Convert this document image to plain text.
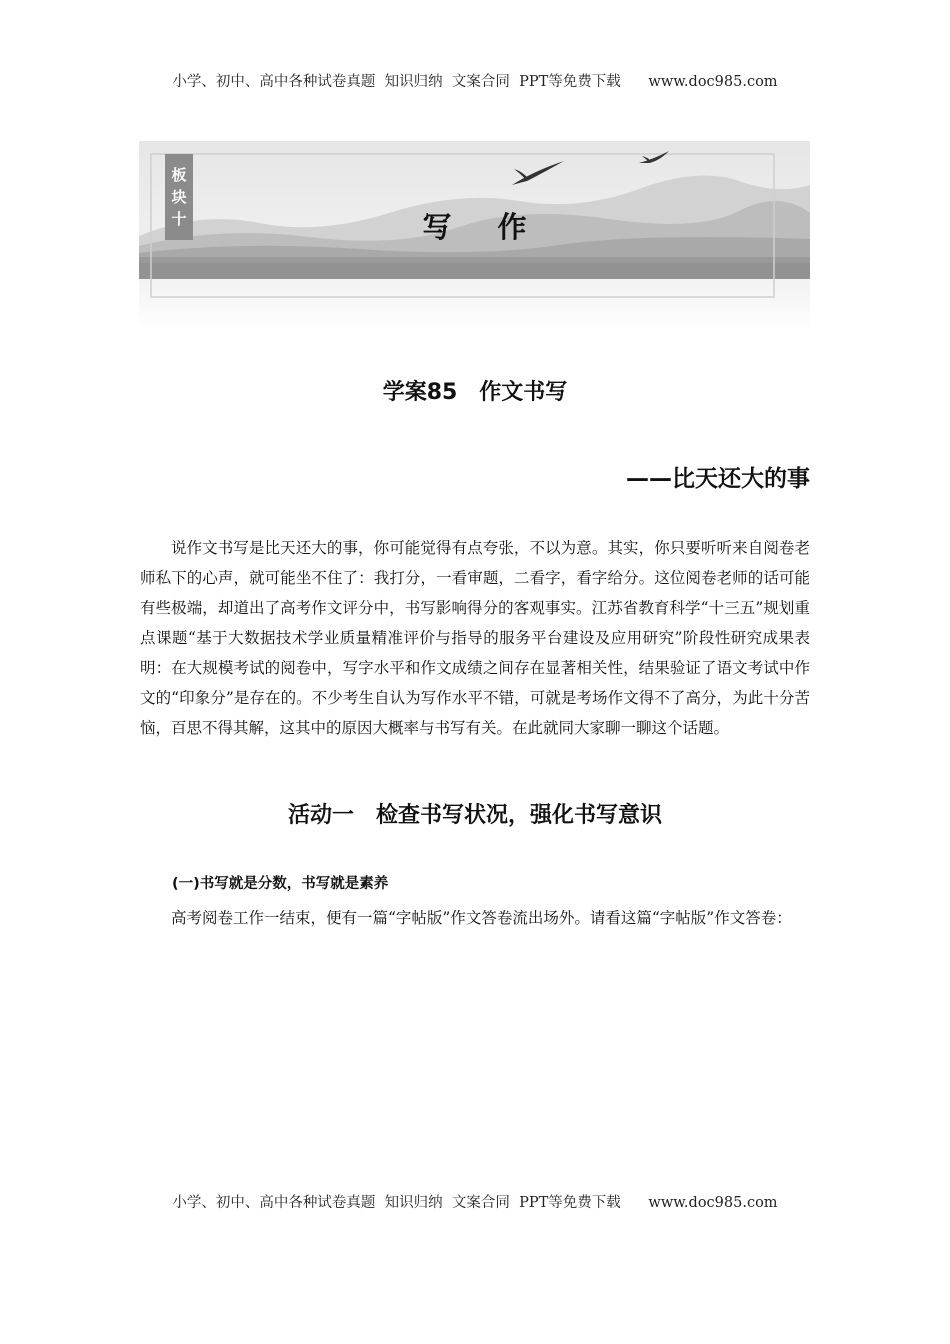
小学、初中、高中各种试卷真题  知识归纳  文案合同  PPT等免费下载      www.doc985.com
板
块
十	写 作
学案85　作文书写
——比天还大的事

说作文书写是比天还大的事，你可能觉得有点夸张，不以为意。其实，你只要听听来自阅卷老师私下的心声，就可能坐不住了：我打分，一看审题，二看字，看字给分。这位阅卷老师的话可能有些极端，却道出了高考作文评分中，书写影响得分的客观事实。江苏省教育科学“十三五”规划重点课题“基于大数据技术学业质量精准评价与指导的服务平台建设及应用研究”阶段性研究成果表明：在大规模考试的阅卷中，写字水平和作文成绩之间存在显著相关性，结果验证了语文考试中作文的“印象分”是存在的。不少考生自认为写作水平不错，可就是考场作文得不了高分，为此十分苦恼，百思不得其解，这其中的原因大概率与书写有关。在此就同大家聊一聊这个话题。

活动一　检查书写状况，强化书写意识
(一)书写就是分数，书写就是素养

高考阅卷工作一结束，便有一篇“字帖版”作文答卷流出场外。请看这篇“字帖版”作文答卷：

小学、初中、高中各种试卷真题  知识归纳  文案合同  PPT等免费下载      www.doc985.com
